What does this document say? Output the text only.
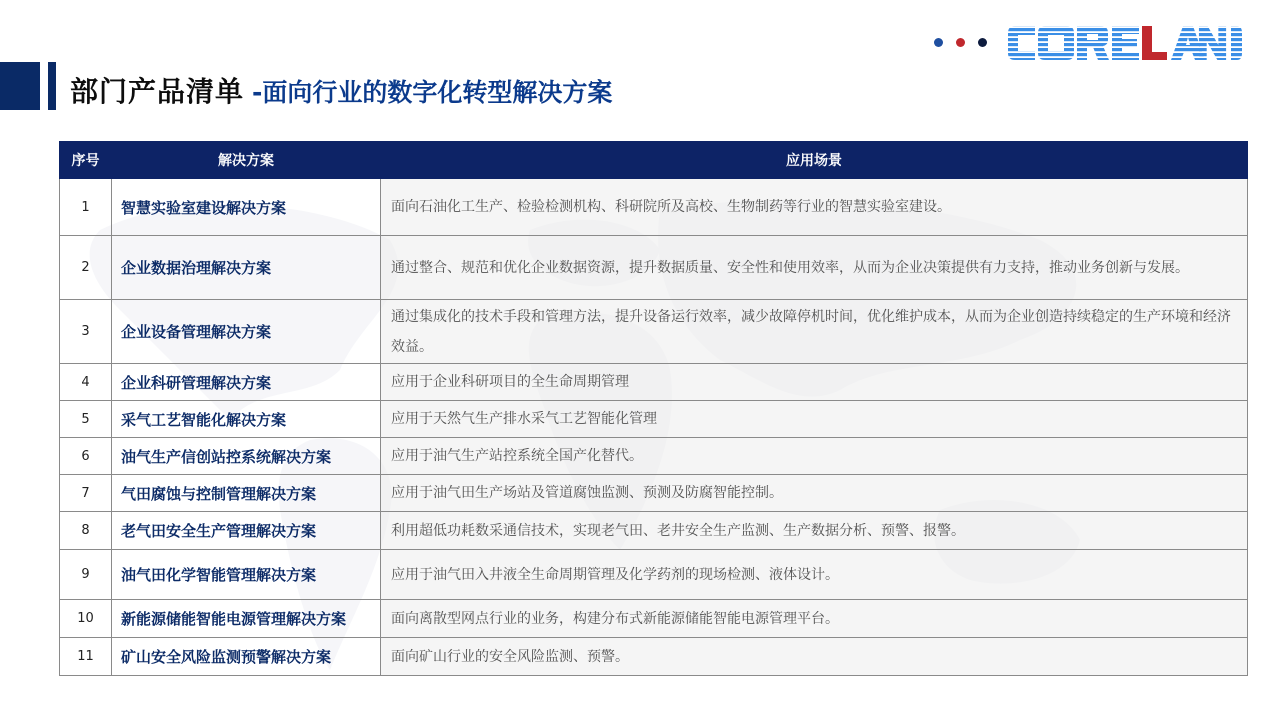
部门产品清单 -面向行业的数字化转型解决方案
序号	解决方案	应用场景
1	智慧实验室建设解决方案	面向石油化工生产、检验检测机构、科研院所及高校、生物制药等行业的智慧实验室建设。
2	企业数据治理解决方案	通过整合、规范和优化企业数据资源，提升数据质量、安全性和使用效率，从而为企业决策提供有力支持，推动业务创新与发展。
3	企业设备管理解决方案	通过集成化的技术手段和管理方法，提升设备运行效率，减少故障停机时间，优化维护成本，从而为企业创造持续稳定的生产环境和经济效益。
4	企业科研管理解决方案	应用于企业科研项目的全生命周期管理
5	采气工艺智能化解决方案	应用于天然气生产排水采气工艺智能化管理
6	油气生产信创站控系统解决方案	应用于油气生产站控系统全国产化替代。
7	气田腐蚀与控制管理解决方案	应用于油气田生产场站及管道腐蚀监测、预测及防腐智能控制。
8	老气田安全生产管理解决方案	利用超低功耗数采通信技术，实现老气田、老井安全生产监测、生产数据分析、预警、报警。
9	油气田化学智能管理解决方案	应用于油气田入井液全生命周期管理及化学药剂的现场检测、液体设计。
10	新能源储能智能电源管理解决方案	面向离散型网点行业的业务，构建分布式新能源储能智能电源管理平台。
11	矿山安全风险监测预警解决方案	面向矿山行业的安全风险监测、预警。
